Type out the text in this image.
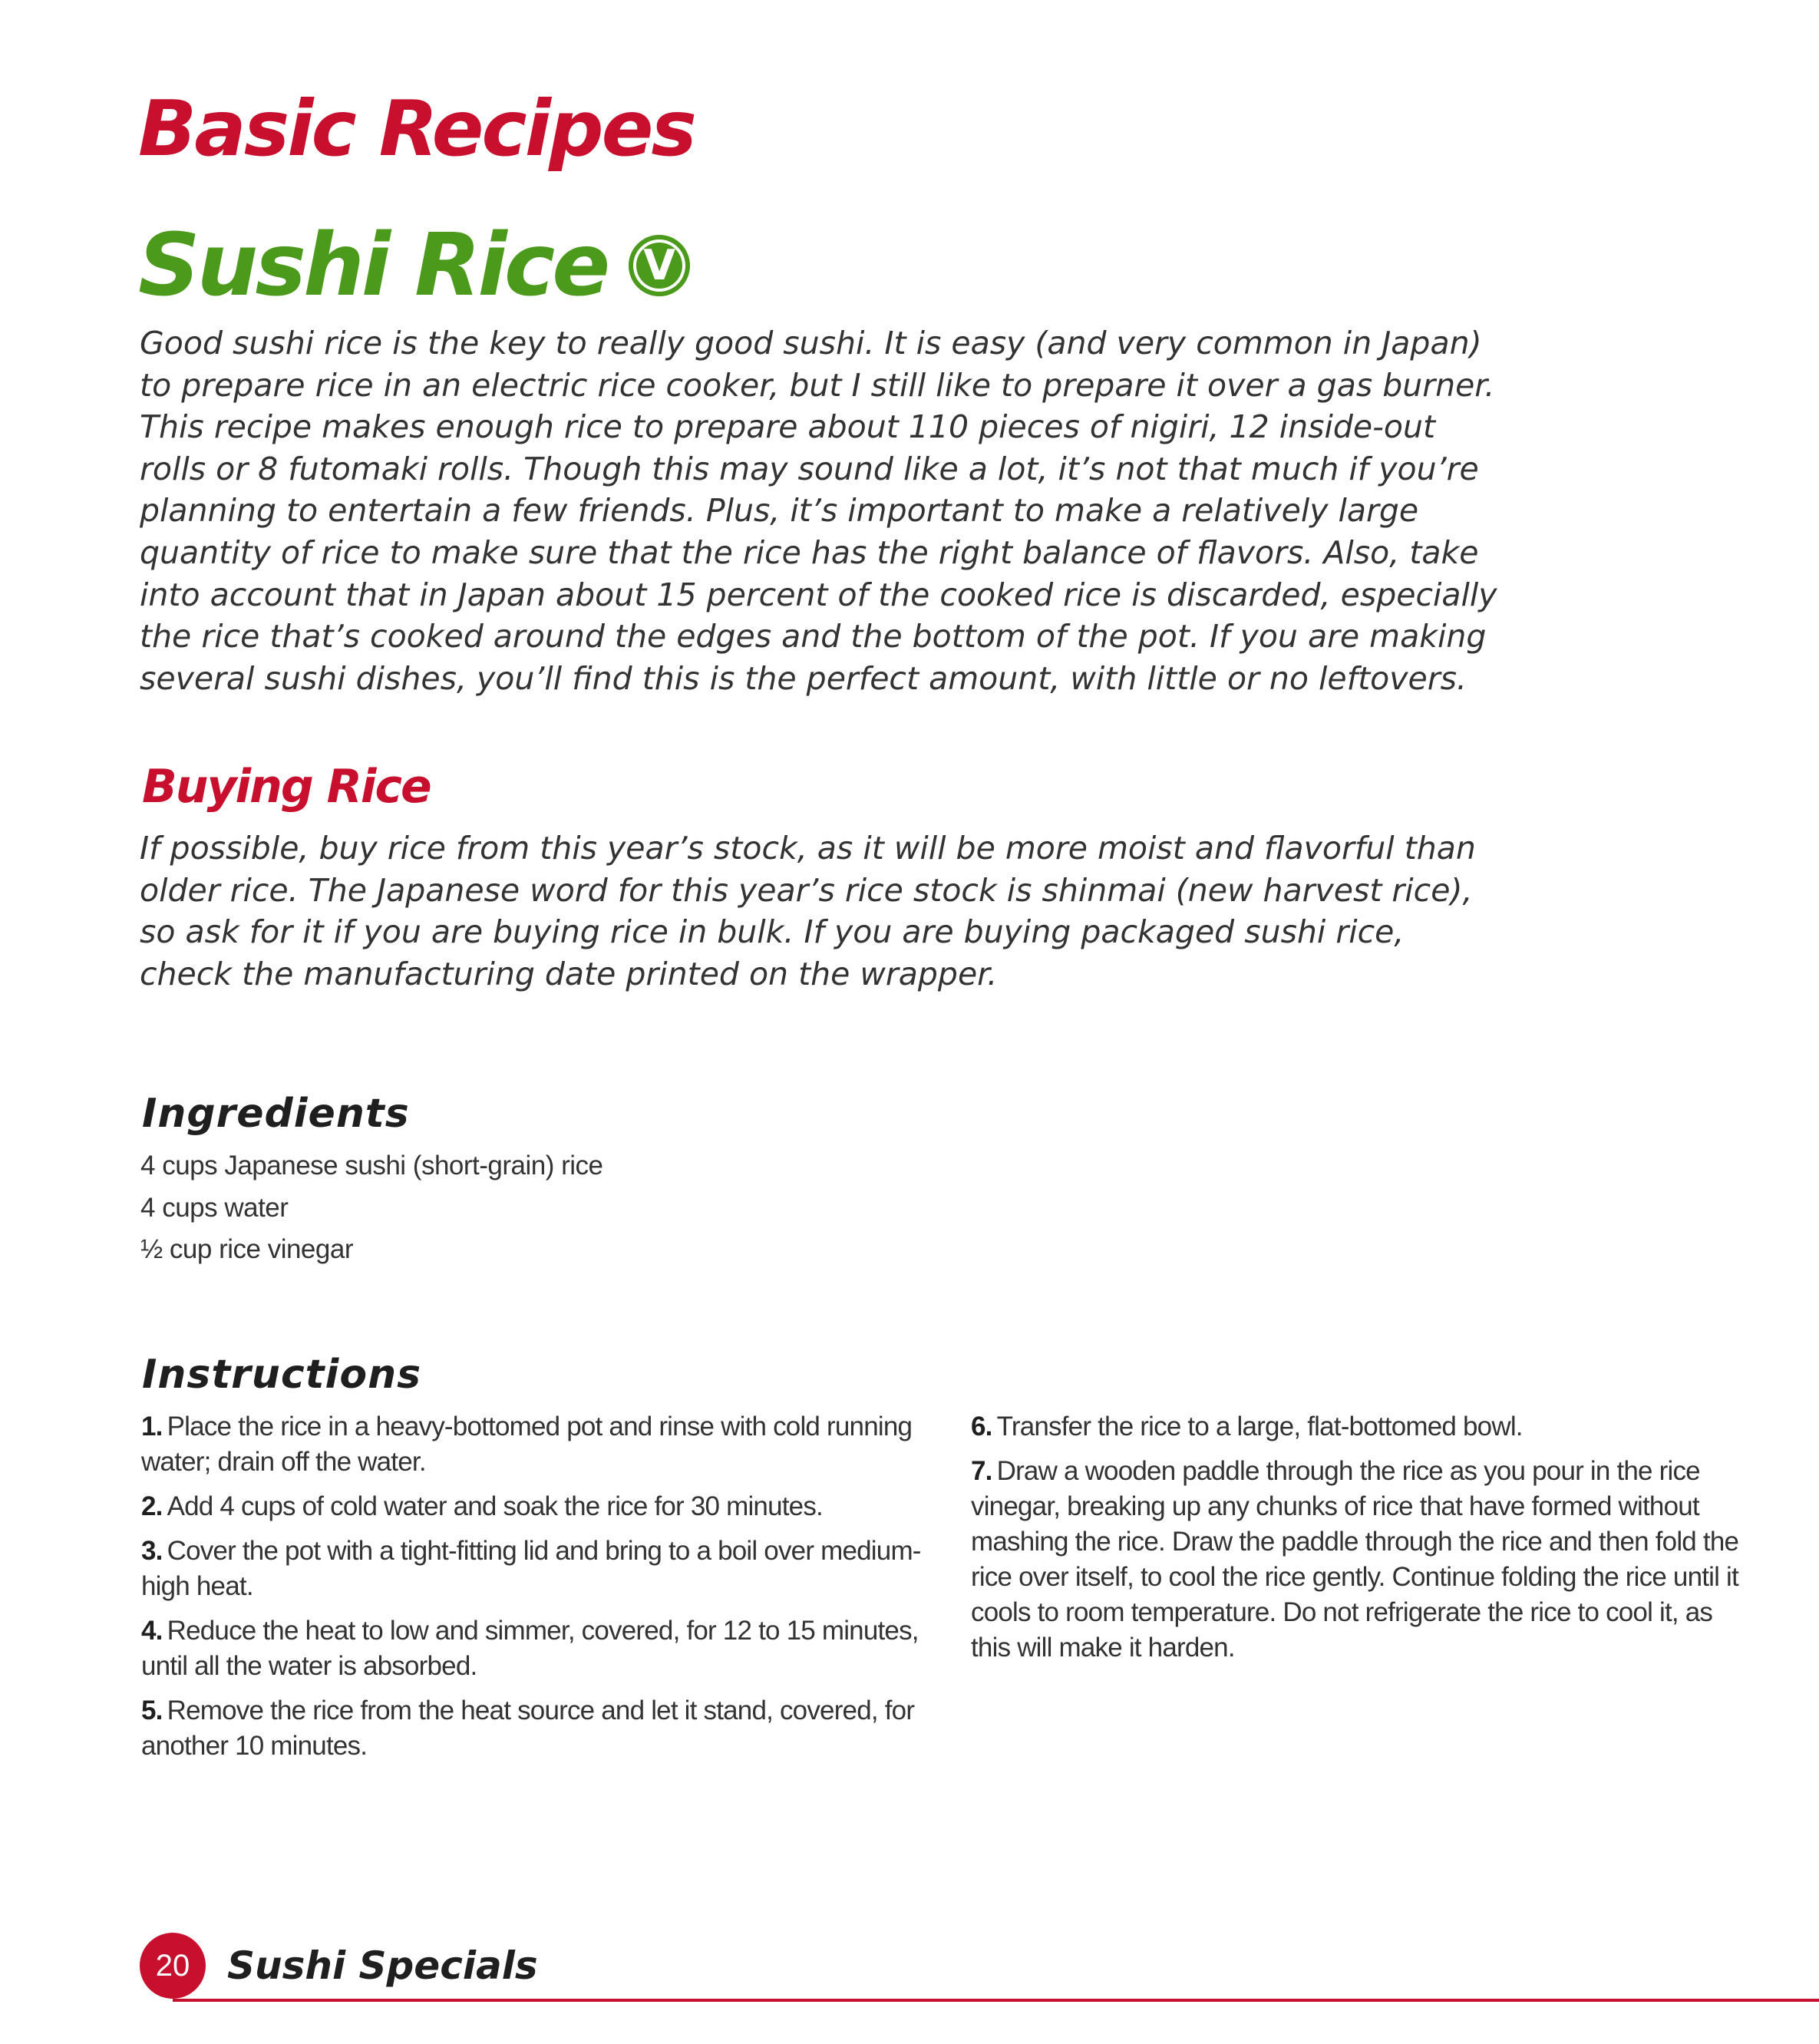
Basic Recipes
Sushi Rice V

Good sushi rice is the key to really good sushi. It is easy (and very common in Japan) to prepare rice in an electric rice cooker, but I still like to prepare it over a gas burner. This recipe makes enough rice to prepare about 110 pieces of nigiri, 12 inside-out rolls or 8 futomaki rolls. Though this may sound like a lot, it’s not that much if you’re planning to entertain a few friends. Plus, it’s important to make a relatively large quantity of rice to make sure that the rice has the right balance of flavors. Also, take into account that in Japan about 15 percent of the cooked rice is discarded, especially the rice that’s cooked around the edges and the bottom of the pot. If you are making several sushi dishes, you’ll find this is the perfect amount, with little or no leftovers.

Buying Rice

If possible, buy rice from this year’s stock, as it will be more moist and flavorful than older rice. The Japanese word for this year’s rice stock is shinmai (new harvest rice), so ask for it if you are buying rice in bulk. If you are buying packaged sushi rice, check the manufacturing date printed on the wrapper.

Ingredients
4 cups Japanese sushi (short-grain) rice
4 cups water
½ cup rice vinegar
Instructions
1. Place the rice in a heavy-bottomed pot and rinse with cold running water; drain off the water.
2. Add 4 cups of cold water and soak the rice for 30 minutes.
3. Cover the pot with a tight-fitting lid and bring to a boil over medium-high heat.
4. Reduce the heat to low and simmer, covered, for 12 to 15 minutes, until all the water is absorbed.
5. Remove the rice from the heat source and let it stand, covered, for another 10 minutes.
6. Transfer the rice to a large, flat-bottomed bowl.
7. Draw a wooden paddle through the rice as you pour in the rice vinegar, breaking up any chunks of rice that have formed without mashing the rice. Draw the paddle through the rice and then fold the rice over itself, to cool the rice gently. Continue folding the rice until it cools to room temperature. Do not refrigerate the rice to cool it, as this will make it harden.
20 Sushi Specials
